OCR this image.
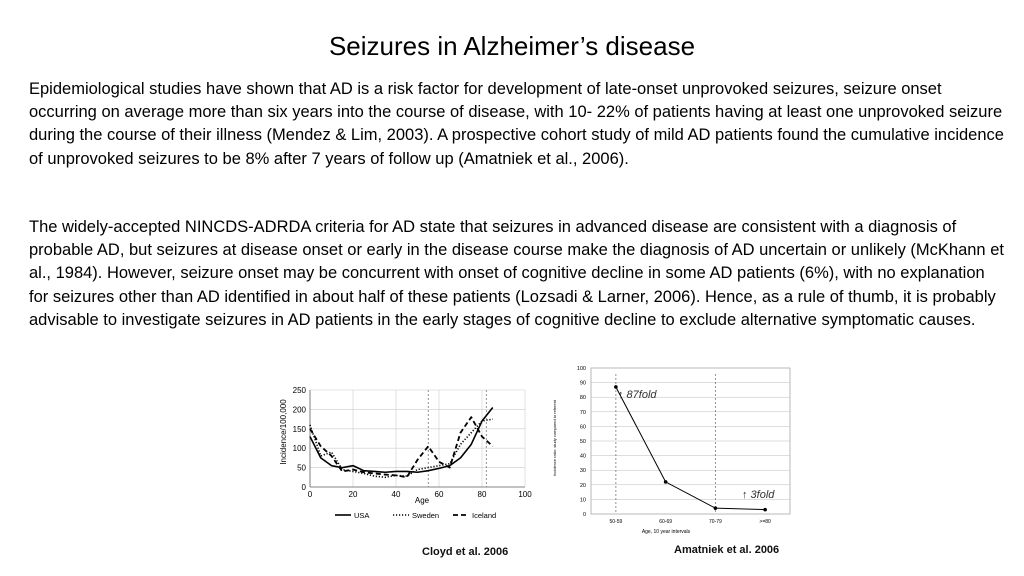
Seizures in Alzheimer’s disease

Epidemiological studies have shown that AD is a risk factor for development of late-onset unprovoked seizures, seizure onset occurring on average more than six years into the course of disease, with 10- 22% of patients having at least one unprovoked seizure during the course of their illness (Mendez & Lim, 2003). A prospective cohort study of mild AD patients found the cumulative incidence of unprovoked seizures to be 8% after 7 years of follow up (Amatniek et al., 2006).

The widely-accepted NINCDS-ADRDA criteria for AD state that seizures in advanced disease are consistent with a diagnosis of probable AD, but seizures at disease onset or early in the disease course make the diagnosis of AD uncertain or unlikely (McKhann et al., 1984). However, seizure onset may be concurrent with onset of cognitive decline in some AD patients (6%), with no explanation for seizures other than AD identified in about half of these patients (Lozsadi & Larner, 2006). Hence, as a rule of thumb, it is probably advisable to investigate seizures in AD patients in the early stages of cognitive decline to exclude alternative symptomatic causes.

0
50
100
150
200
250
0	20	40	60	80	100
Age
Incidence/100,000
USA	Sweden	Iceland
Cloyd et al. 2006
0
10
20
30
40
50
60
70
80
90
100
50-59	60-69	70-79	>=80
Incidence ratio: study compared to referent
Age, 10 year intervals
↑ 87fold
↑ 3fold
Amatniek et al. 2006
